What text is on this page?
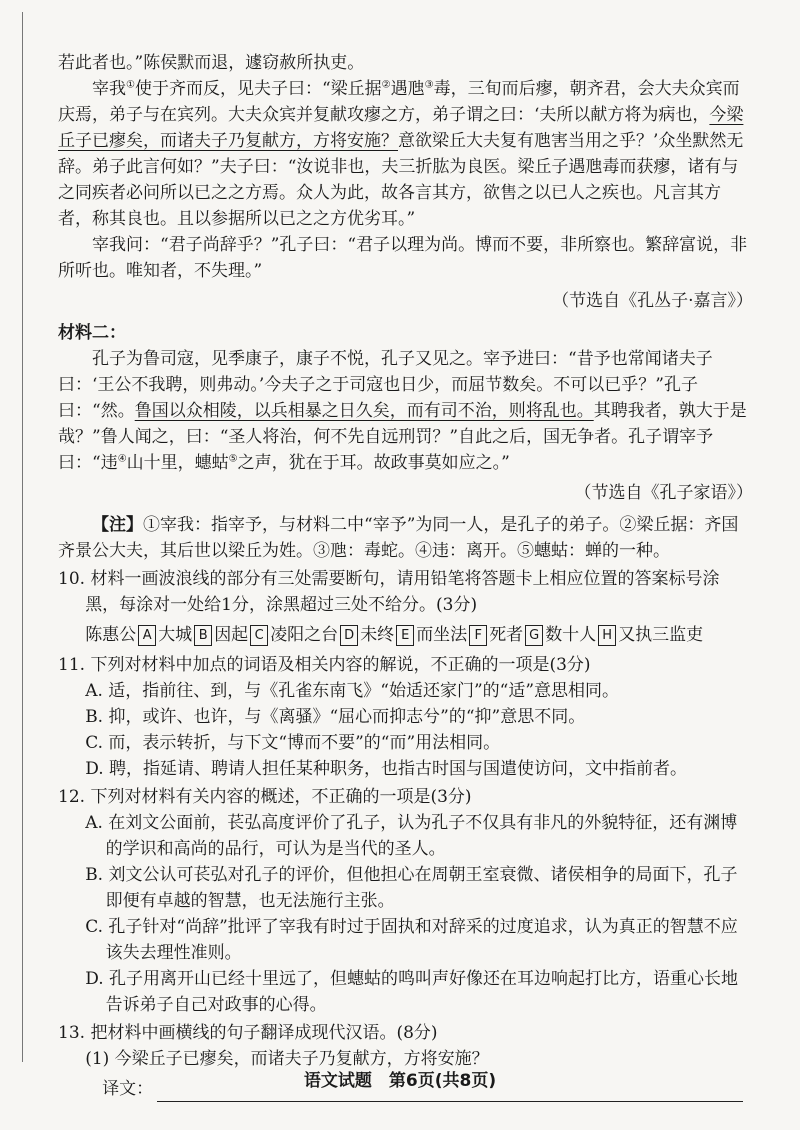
若此者也。”陈侯默而退，遽窃赦所执吏。

宰我①使于齐而反，见夫子曰：“梁丘据②遇虺③毒，三旬而后瘳，朝齐君，会大夫众宾而庆焉，弟子与在宾列。大夫众宾并复献攻瘳之方，弟子谓之曰：‘夫所以献方将为病也，今梁丘子已瘳矣，而诸夫子乃复献方，方将安施？意欲梁丘大夫复有虺害当用之乎？’众坐默然无辞。弟子此言何如？”夫子曰：“汝说非也，夫三折肱为良医。梁丘子遇虺毒而获瘳，诸有与之同疾者必问所以已之之方焉。众人为此，故各言其方，欲售之以已人之疾也。凡言其方者，称其良也。且以参据所以已之之方优劣耳。”

宰我问：“君子尚辞乎？”孔子曰：“君子以理为尚。博而不要，非所察也。繁辞富说，非所听也。唯知者，不失理。”

（节选自《孔丛子·嘉言》）

材料二：

孔子为鲁司寇，见季康子，康子不悦，孔子又见之。宰予进曰：“昔予也常闻诸夫子曰：‘王公不我聘，则弗动。’今夫子之于司寇也日少，而屈节数矣。不可以已乎？”孔子曰：“然。鲁国以众相陵，以兵相暴之日久矣，而有司不治，则将乱也。其聘我者，孰大于是哉？”鲁人闻之，曰：“圣人将治，何不先自远刑罚？”自此之后，国无争者。孔子谓宰予曰：“违④山十里，蟪蛄⑤之声，犹在于耳。故政事莫如应之。”

（节选自《孔子家语》）

【注】①宰我：指宰予，与材料二中“宰予”为同一人，是孔子的弟子。②梁丘据：齐国齐景公大夫，其后世以梁丘为姓。③虺：毒蛇。④违：离开。⑤蟪蛄：蝉的一种。

10. 材料一画波浪线的部分有三处需要断句，请用铅笔将答题卡上相应位置的答案标号涂黑，每涂对一处给1分，涂黑超过三处不给分。(3分)

陈惠公 A 大城 B 因起 C 凌阳之台 D 未终 E 而坐法 F 死者 G 数十人 H 又执三监吏

11. 下列对材料中加点的词语及相关内容的解说，不正确的一项是(3分)

A. 适，指前往、到，与《孔雀东南飞》“始适还家门”的“适”意思相同。

B. 抑，或许、也许，与《离骚》“屈心而抑志兮”的“抑”意思不同。

C. 而，表示转折，与下文“博而不要”的“而”用法相同。

D. 聘，指延请、聘请人担任某种职务，也指古时国与国遣使访问，文中指前者。

12. 下列对材料有关内容的概述，不正确的一项是(3分)

A. 在刘文公面前，苌弘高度评价了孔子，认为孔子不仅具有非凡的外貌特征，还有渊博的学识和高尚的品行，可认为是当代的圣人。

B. 刘文公认可苌弘对孔子的评价，但他担心在周朝王室衰微、诸侯相争的局面下，孔子即便有卓越的智慧，也无法施行主张。

C. 孔子针对“尚辞”批评了宰我有时过于固执和对辞采的过度追求，认为真正的智慧不应该失去理性准则。

D. 孔子用离开山已经十里远了，但蟪蛄的鸣叫声好像还在耳边响起打比方，语重心长地告诉弟子自己对政事的心得。

13. 把材料中画横线的句子翻译成现代汉语。(8分)

(1) 今梁丘子已瘳矣，而诸夫子乃复献方，方将安施？

译文：	语文试题　第6页(共8页)
